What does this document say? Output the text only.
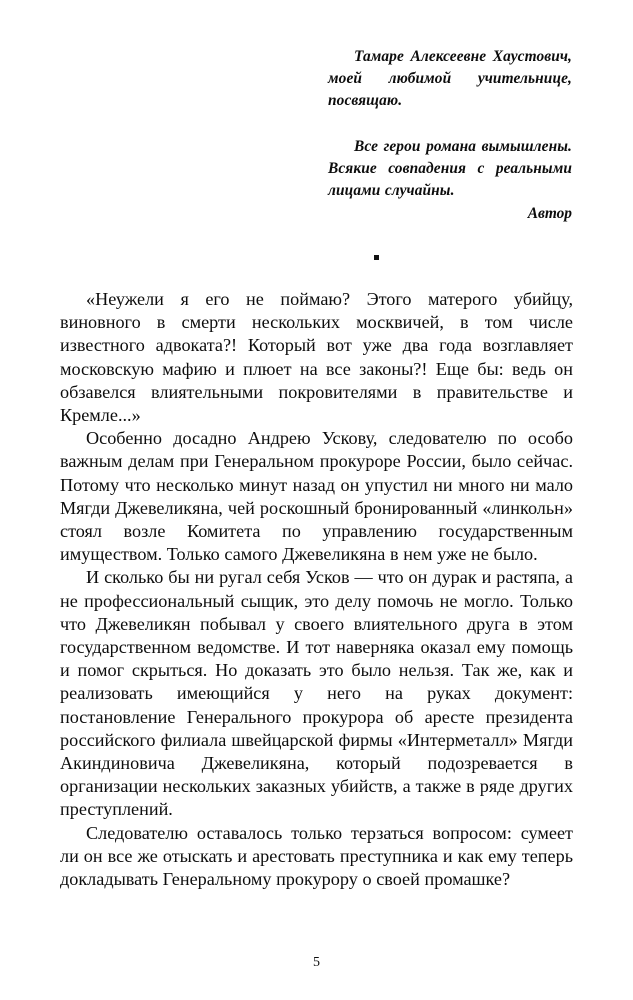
Тамаре Алексеевне Хаустович, моей любимой учительнице, посвящаю.
Все герои романа вымышлены. Всякие совпадения с реальными лицами случайны.
Автор

«Неужели я его не поймаю? Этого матерого убийцу, виновного в смерти нескольких москвичей, в том числе известного адвоката?! Который вот уже два года возглавляет московскую мафию и плюет на все законы?! Еще бы: ведь он обзавелся влиятельными покровителями в правительстве и Кремле...»

Особенно досадно Андрею Ускову, следователю по особо важным делам при Генеральном прокуроре России, было сейчас. Потому что несколько минут назад он упустил ни много ни мало Мягди Джевеликяна, чей роскошный бронированный «линкольн» стоял возле Комитета по управлению государственным имуществом. Только самого Джевеликяна в нем уже не было.

И сколько бы ни ругал себя Усков — что он дурак и растяпа, а не профессиональный сыщик, это делу помочь не могло. Только что Джевеликян побывал у своего влиятельного друга в этом государственном ведомстве. И тот наверняка оказал ему помощь и помог скрыться. Но доказать это было нельзя. Так же, как и реализовать имеющийся у него на руках документ: постановление Генерального прокурора об аресте президента российского филиала швейцарской фирмы «Интерметалл» Мягди Акиндиновича Джевеликяна, который подозревается в организации нескольких заказных убийств, а также в ряде других преступлений.

Следователю оставалось только терзаться вопросом: сумеет ли он все же отыскать и арестовать преступника и как ему теперь докладывать Генеральному прокурору о своей промашке?

5
